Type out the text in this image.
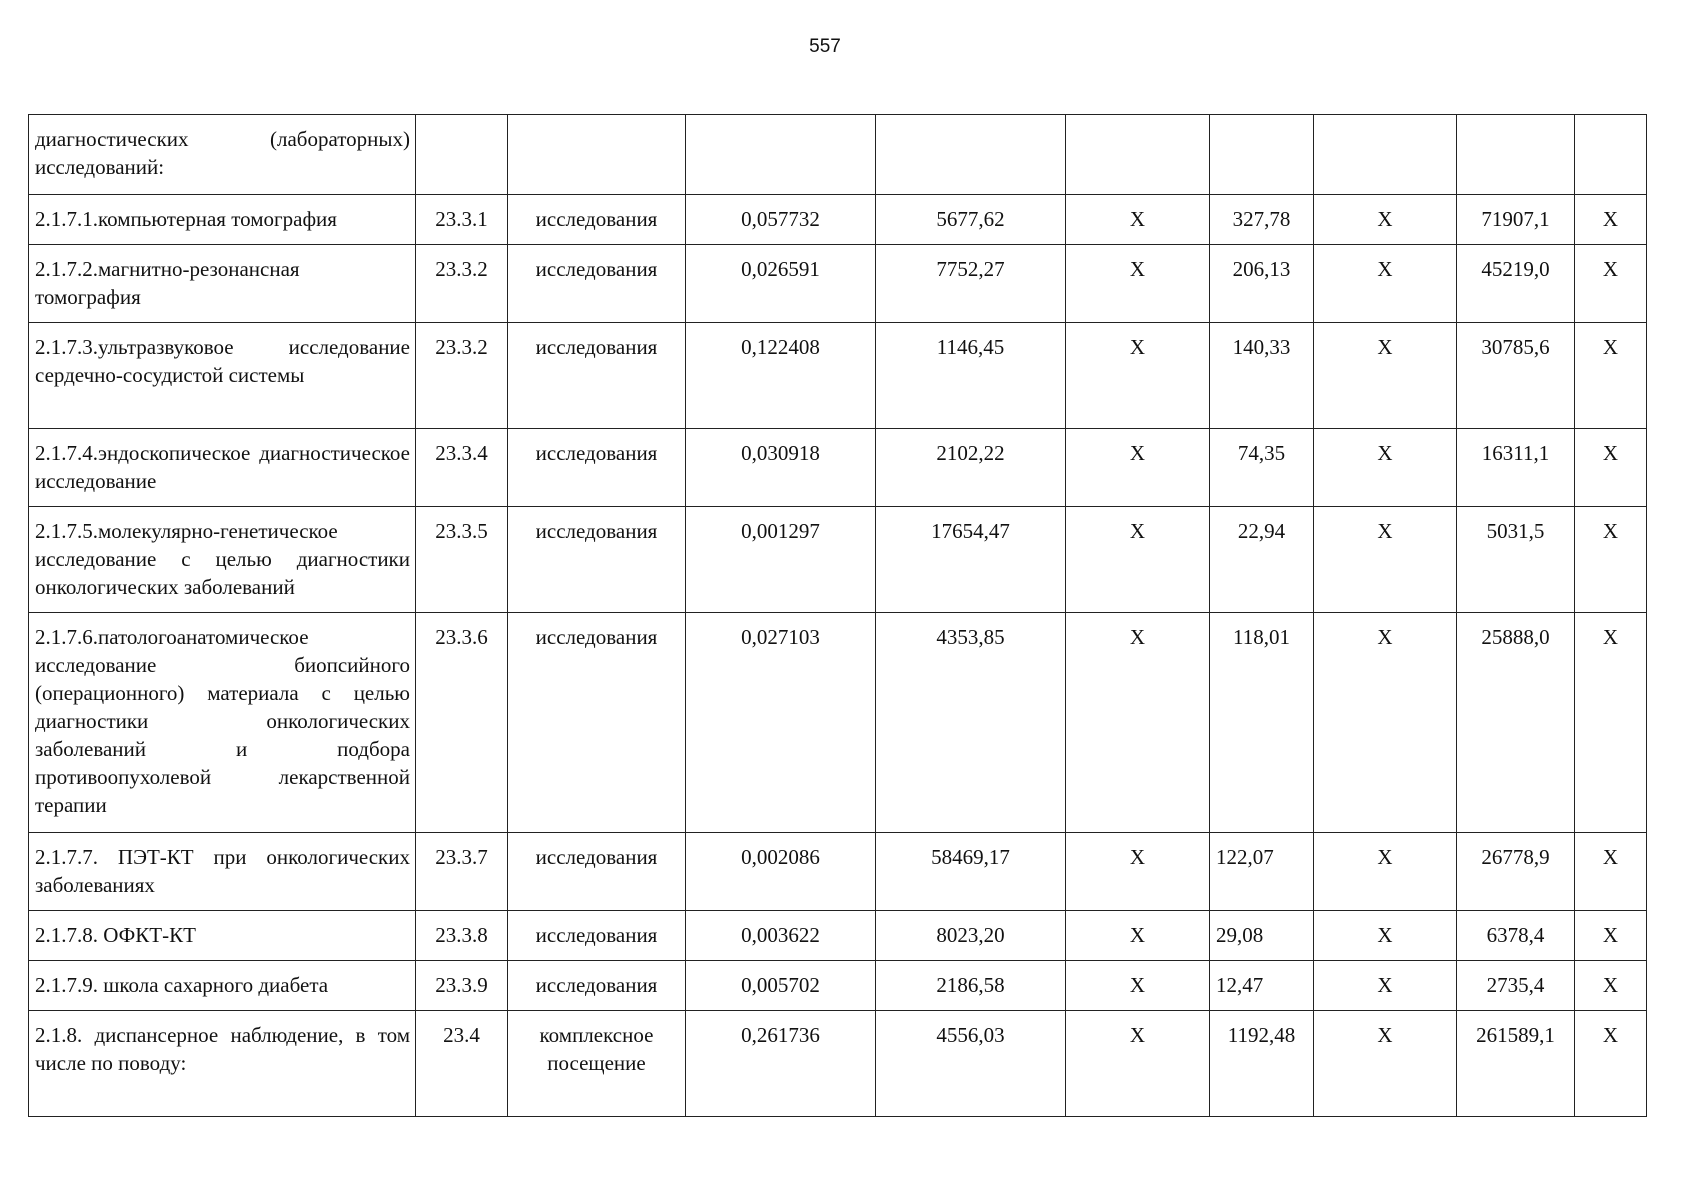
557
диагностических (лабораторных) исследований:									
2.1.7.1.компьютерная томография	23.3.1	исследования	0,057732	5677,62	Х	327,78	Х	71907,1	Х
2.1.7.2.магнитно-резонансная томография	23.3.2	исследования	0,026591	7752,27	Х	206,13	Х	45219,0	Х
2.1.7.3.ультразвуковое исследование сердечно-сосудистой системы	23.3.2	исследования	0,122408	1146,45	Х	140,33	Х	30785,6	Х
2.1.7.4.эндоскопическое диагностическое исследование	23.3.4	исследования	0,030918	2102,22	Х	74,35	Х	16311,1	Х
2.1.7.5.молекулярно-генетическое исследование с целью диагностики онкологических заболеваний	23.3.5	исследования	0,001297	17654,47	Х	22,94	Х	5031,5	Х
2.1.7.6.патологоанатомическое исследование биопсийного (операционного) материала с целью диагностики онкологических заболеваний и подбора противоопухолевой лекарственной терапии	23.3.6	исследования	0,027103	4353,85	Х	118,01	Х	25888,0	Х
2.1.7.7. ПЭТ-КТ при онкологических заболеваниях	23.3.7	исследования	0,002086	58469,17	Х	122,07	Х	26778,9	Х
2.1.7.8. ОФКТ-КТ	23.3.8	исследования	0,003622	8023,20	Х	29,08	Х	6378,4	Х
2.1.7.9. школа сахарного диабета	23.3.9	исследования	0,005702	2186,58	Х	12,47	Х	2735,4	Х
2.1.8. диспансерное наблюдение, в том числе по поводу:	23.4	комплексное посещение	0,261736	4556,03	Х	1192,48	Х	261589,1	Х
